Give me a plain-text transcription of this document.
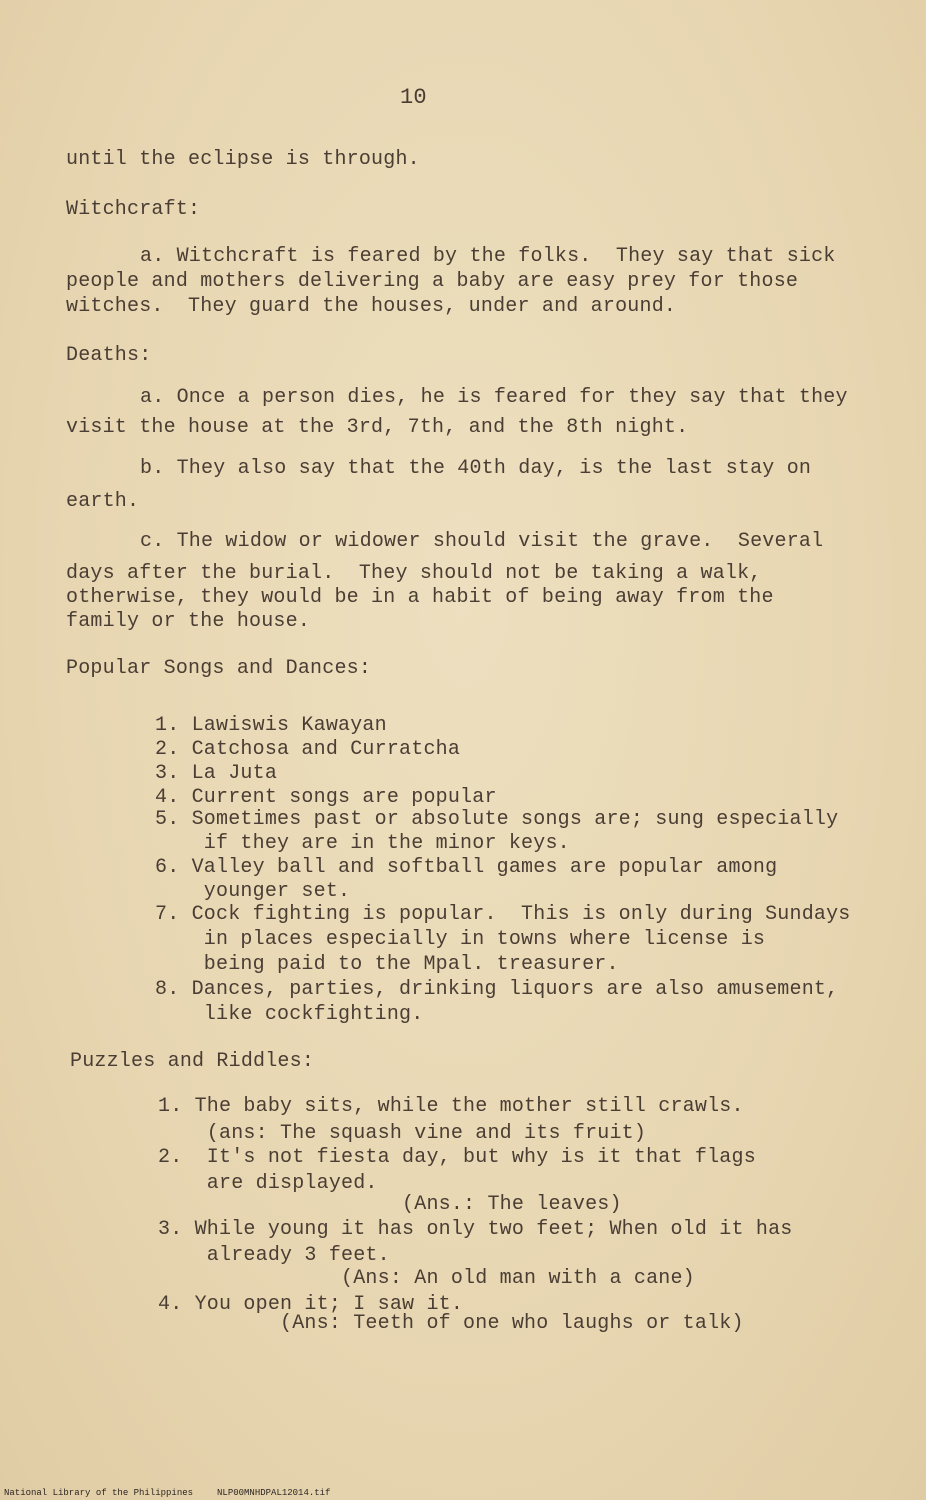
10
until the eclipse is through.
Witchcraft:
a. Witchcraft is feared by the folks.  They say that sick
people and mothers delivering a baby are easy prey for those
witches.  They guard the houses, under and around.
Deaths:
a. Once a person dies, he is feared for they say that they
visit the house at the 3rd, 7th, and the 8th night.
b. They also say that the 40th day, is the last stay on
earth.
c. The widow or widower should visit the grave.  Several
days after the burial.  They should not be taking a walk,
otherwise, they would be in a habit of being away from the
family or the house.
Popular Songs and Dances:
1. Lawiswis Kawayan
2. Catchosa and Curratcha
3. La Juta
4. Current songs are popular
5. Sometimes past or absolute songs are; sung especially
if they are in the minor keys.
6. Valley ball and softball games are popular among
younger set.
7. Cock fighting is popular.  This is only during Sundays
in places especially in towns where license is
being paid to the Mpal. treasurer.
8. Dances, parties, drinking liquors are also amusement,
like cockfighting.
Puzzles and Riddles:
1. The baby sits, while the mother still crawls.
(ans: The squash vine and its fruit)
2.  It's not fiesta day, but why is it that flags
are displayed.
(Ans.: The leaves)
3. While young it has only two feet; When old it has
already 3 feet.
(Ans: An old man with a cane)
4. You open it; I saw it.
(Ans: Teeth of one who laughs or talk)
National Library of the Philippines	NLP00MNHDPAL12014.tif
